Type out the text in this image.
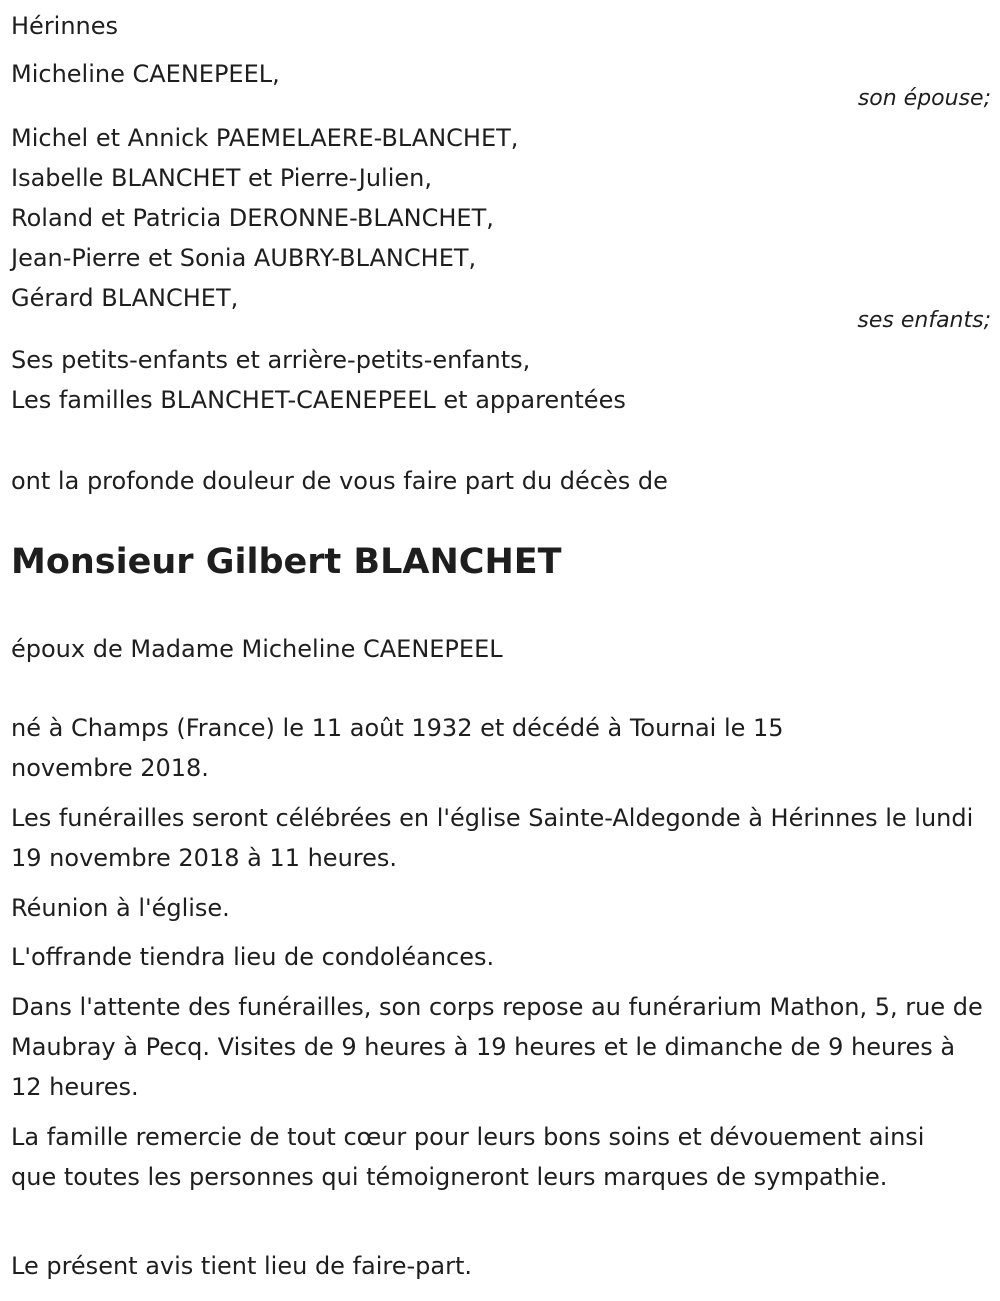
Hérinnes
Micheline CAENEPEEL,
son épouse;
Michel et Annick PAEMELAERE-BLANCHET,
Isabelle BLANCHET et Pierre-Julien,
Roland et Patricia DERONNE-BLANCHET,
Jean-Pierre et Sonia AUBRY-BLANCHET,
Gérard BLANCHET,
ses enfants;
Ses petits-enfants et arrière-petits-enfants,
Les familles BLANCHET-CAENEPEEL et apparentées
ont la profonde douleur de vous faire part du décès de
Monsieur Gilbert BLANCHET
époux de Madame Micheline CAENEPEEL
né à Champs (France) le 11 août 1932 et décédé à Tournai le 15 novembre 2018.
Les funérailles seront célébrées en l'église Sainte-Aldegonde à Hérinnes le lundi 19 novembre 2018 à 11 heures.
Réunion à l'église.
L'offrande tiendra lieu de condoléances.
Dans l'attente des funérailles, son corps repose au funérarium Mathon, 5, rue de Maubray à Pecq. Visites de 9 heures à 19 heures et le dimanche de 9 heures à 12 heures.
La famille remercie de tout cœur pour leurs bons soins et dévouement ainsi que toutes les personnes qui témoigneront leurs marques de sympathie.
Le présent avis tient lieu de faire-part.
